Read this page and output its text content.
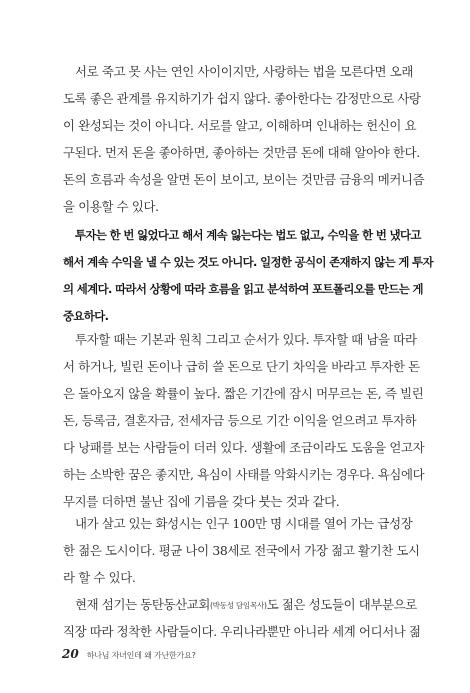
서로 죽고 못 사는 연인 사이이지만, 사랑하는 법을 모른다면 오래
도록 좋은 관계를 유지하기가 쉽지 않다. 좋아한다는 감정만으로 사랑
이 완성되는 것이 아니다. 서로를 알고, 이해하며 인내하는 헌신이 요
구된다. 먼저 돈을 좋아하면, 좋아하는 것만큼 돈에 대해 알아야 한다.
돈의 흐름과 속성을 알면 돈이 보이고, 보이는 것만큼 금융의 메커니즘
을 이용할 수 있다.
투자는 한 번 잃었다고 해서 계속 잃는다는 법도 없고, 수익을 한 번 냈다고
해서 계속 수익을 낼 수 있는 것도 아니다. 일정한 공식이 존재하지 않는 게 투자
의 세계다. 따라서 상황에 따라 흐름을 읽고 분석하여 포트폴리오를 만드는 게
중요하다.
투자할 때는 기본과 원칙 그리고 순서가 있다. 투자할 때 남을 따라
서 하거나, 빌린 돈이나 급히 쓸 돈으로 단기 차익을 바라고 투자한 돈
은 돌아오지 않을 확률이 높다. 짧은 기간에 잠시 머무르는 돈, 즉 빌린
돈, 등록금, 결혼자금, 전세자금 등으로 기간 이익을 얻으려고 투자하
다 낭패를 보는 사람들이 더러 있다. 생활에 조금이라도 도움을 얻고자
하는 소박한 꿈은 좋지만, 욕심이 사태를 악화시키는 경우다. 욕심에다
무지를 더하면 불난 집에 기름을 갖다 붓는 것과 같다.
내가 살고 있는 화성시는 인구 100만 명 시대를 열어 가는 급성장
한 젊은 도시이다. 평균 나이 38세로 전국에서 가장 젊고 활기찬 도시
라 할 수 있다.
현재 섬기는 동탄동산교회(박동성 담임목사)도 젊은 성도들이 대부분으로
직장 따라 정착한 사람들이다. 우리나라뿐만 아니라 세계 어디서나 젊
20 하나님 자녀인데 왜 가난한가요?
